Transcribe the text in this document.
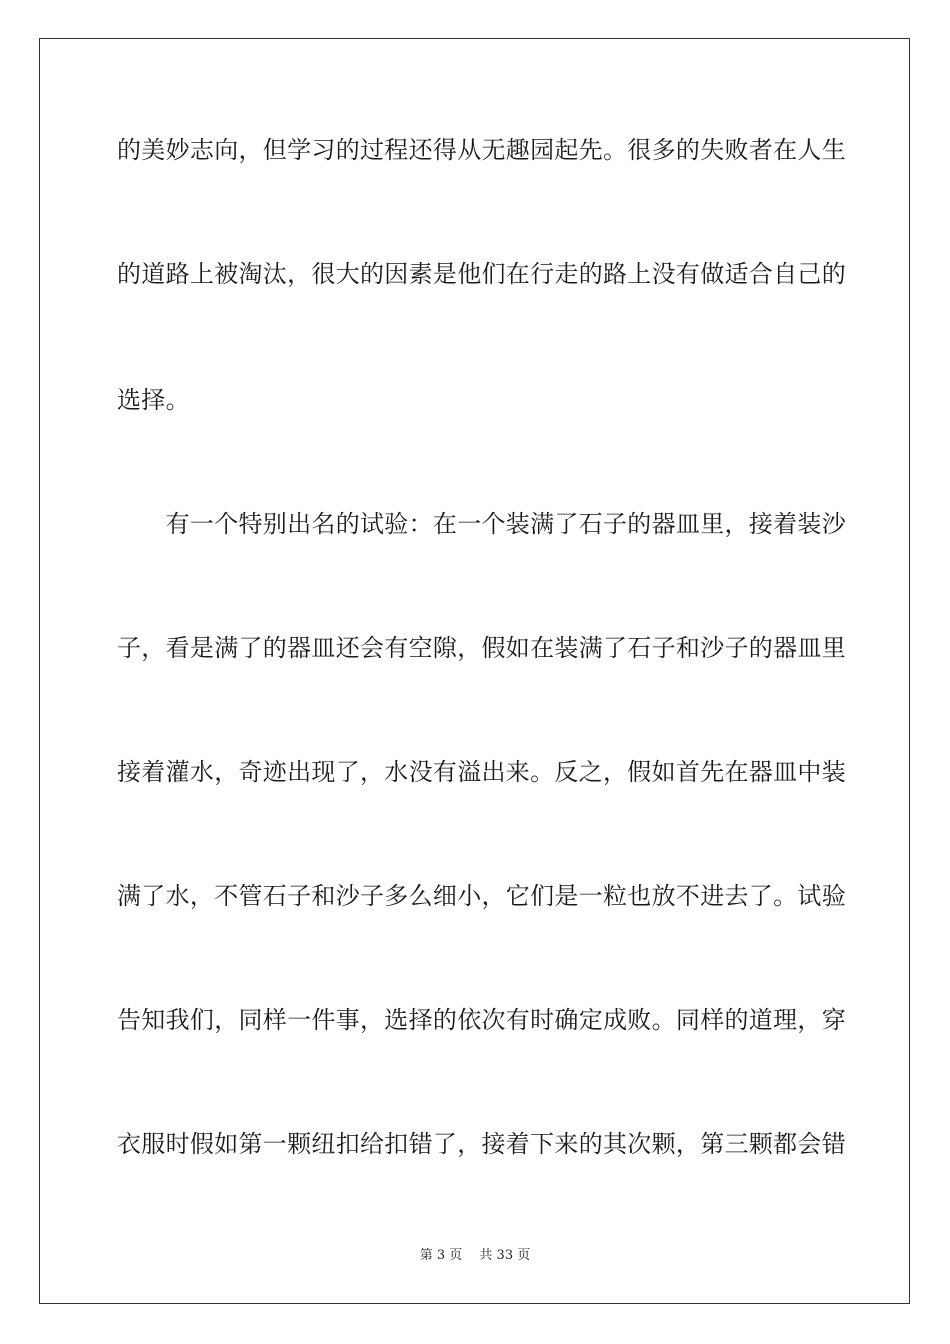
的美妙志向，但学习的过程还得从无趣园起先。很多的失败者在人生
的道路上被淘汰，很大的因素是他们在行走的路上没有做适合自己的
选择。
　　有一个特别出名的试验：在一个装满了石子的器皿里，接着装沙
子，看是满了的器皿还会有空隙，假如在装满了石子和沙子的器皿里
接着灌水，奇迹出现了，水没有溢出来。反之，假如首先在器皿中装
满了水，不管石子和沙子多么细小，它们是一粒也放不进去了。试验
告知我们，同样一件事，选择的依次有时确定成败。同样的道理，穿
衣服时假如第一颗纽扣给扣错了，接着下来的其次颗，第三颗都会错
第 3 页　 共 33 页
